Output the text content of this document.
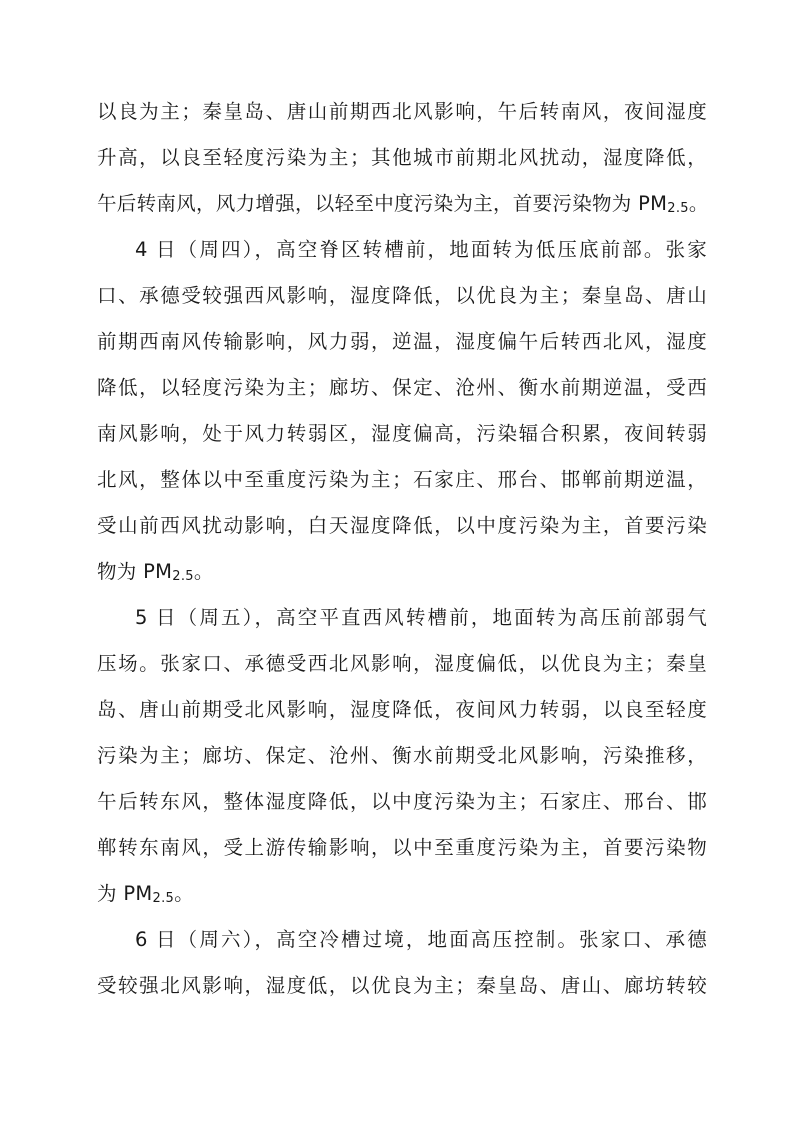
以良为主；秦皇岛、唐山前期西北风影响，午后转南风，夜间湿度
升高，以良至轻度污染为主；其他城市前期北风扰动，湿度降低，
午后转南风，风力增强，以轻至中度污染为主，首要污染物为 PM2.5。
4 日（周四），高空脊区转槽前，地面转为低压底前部。张家
口、承德受较强西风影响，湿度降低，以优良为主；秦皇岛、唐山
前期西南风传输影响，风力弱，逆温，湿度偏午后转西北风，湿度
降低，以轻度污染为主；廊坊、保定、沧州、衡水前期逆温，受西
南风影响，处于风力转弱区，湿度偏高，污染辐合积累，夜间转弱
北风，整体以中至重度污染为主；石家庄、邢台、邯郸前期逆温，
受山前西风扰动影响，白天湿度降低，以中度污染为主，首要污染
物为 PM2.5。
5 日（周五），高空平直西风转槽前，地面转为高压前部弱气
压场。张家口、承德受西北风影响，湿度偏低，以优良为主；秦皇
岛、唐山前期受北风影响，湿度降低，夜间风力转弱，以良至轻度
污染为主；廊坊、保定、沧州、衡水前期受北风影响，污染推移，
午后转东风，整体湿度降低，以中度污染为主；石家庄、邢台、邯
郸转东南风，受上游传输影响，以中至重度污染为主，首要污染物
为 PM2.5。
6 日（周六），高空冷槽过境，地面高压控制。张家口、承德
受较强北风影响，湿度低，以优良为主；秦皇岛、唐山、廊坊转较
